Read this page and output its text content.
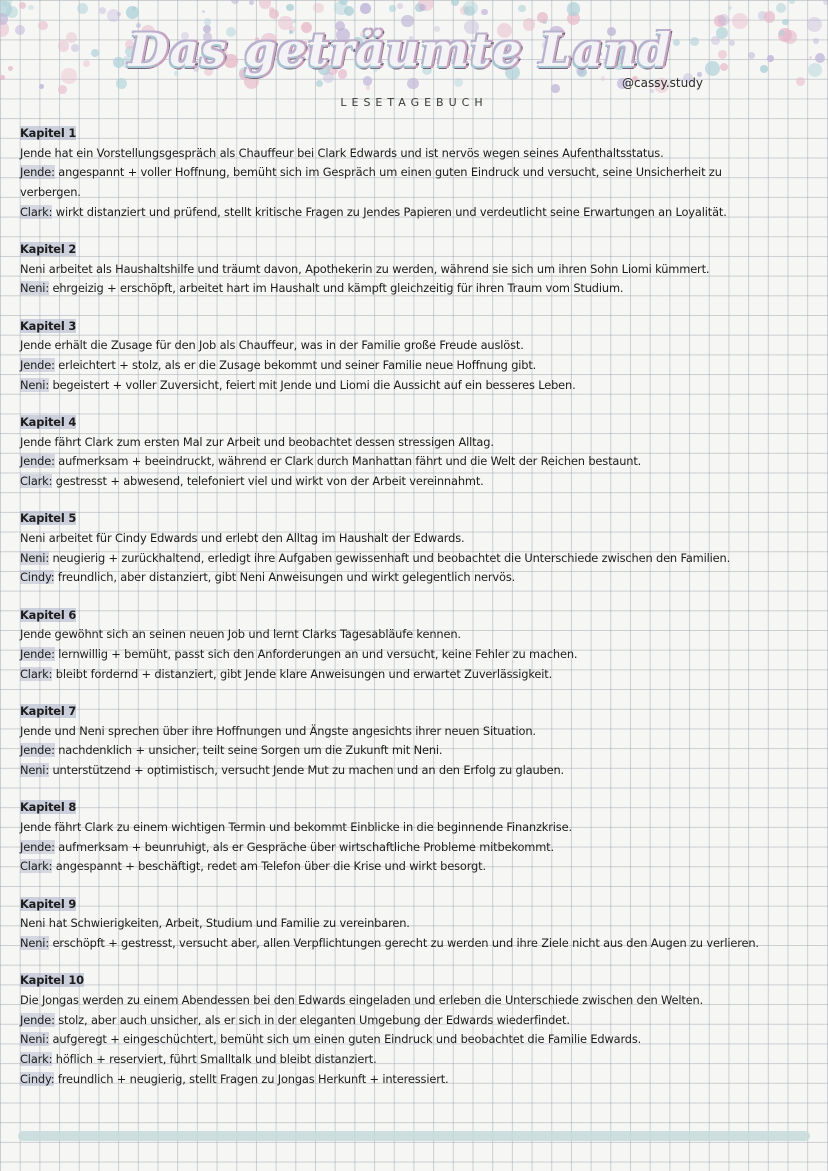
Das geträumte Land
@cassy.study
LESETAGEBUCH
Kapitel 1
Jende hat ein Vorstellungsgespräch als Chauffeur bei Clark Edwards und ist nervös wegen seines Aufenthaltsstatus.
Jende: angespannt + voller Hoffnung, bemüht sich im Gespräch um einen guten Eindruck und versucht, seine Unsicherheit zu verbergen.
Clark: wirkt distanziert und prüfend, stellt kritische Fragen zu Jendes Papieren und verdeutlicht seine Erwartungen an Loyalität.
Kapitel 2
Neni arbeitet als Haushaltshilfe und träumt davon, Apothekerin zu werden, während sie sich um ihren Sohn Liomi kümmert.
Neni: ehrgeizig + erschöpft, arbeitet hart im Haushalt und kämpft gleichzeitig für ihren Traum vom Studium.
Kapitel 3
Jende erhält die Zusage für den Job als Chauffeur, was in der Familie große Freude auslöst.
Jende: erleichtert + stolz, als er die Zusage bekommt und seiner Familie neue Hoffnung gibt.
Neni: begeistert + voller Zuversicht, feiert mit Jende und Liomi die Aussicht auf ein besseres Leben.
Kapitel 4
Jende fährt Clark zum ersten Mal zur Arbeit und beobachtet dessen stressigen Alltag.
Jende: aufmerksam + beeindruckt, während er Clark durch Manhattan fährt und die Welt der Reichen bestaunt.
Clark: gestresst + abwesend, telefoniert viel und wirkt von der Arbeit vereinnahmt.
Kapitel 5
Neni arbeitet für Cindy Edwards und erlebt den Alltag im Haushalt der Edwards.
Neni: neugierig + zurückhaltend, erledigt ihre Aufgaben gewissenhaft und beobachtet die Unterschiede zwischen den Familien.
Cindy: freundlich, aber distanziert, gibt Neni Anweisungen und wirkt gelegentlich nervös.
Kapitel 6
Jende gewöhnt sich an seinen neuen Job und lernt Clarks Tagesabläufe kennen.
Jende: lernwillig + bemüht, passt sich den Anforderungen an und versucht, keine Fehler zu machen.
Clark: bleibt fordernd + distanziert, gibt Jende klare Anweisungen und erwartet Zuverlässigkeit.
Kapitel 7
Jende und Neni sprechen über ihre Hoffnungen und Ängste angesichts ihrer neuen Situation.
Jende: nachdenklich + unsicher, teilt seine Sorgen um die Zukunft mit Neni.
Neni: unterstützend + optimistisch, versucht Jende Mut zu machen und an den Erfolg zu glauben.
Kapitel 8
Jende fährt Clark zu einem wichtigen Termin und bekommt Einblicke in die beginnende Finanzkrise.
Jende: aufmerksam + beunruhigt, als er Gespräche über wirtschaftliche Probleme mitbekommt.
Clark: angespannt + beschäftigt, redet am Telefon über die Krise und wirkt besorgt.
Kapitel 9
Neni hat Schwierigkeiten, Arbeit, Studium und Familie zu vereinbaren.
Neni: erschöpft + gestresst, versucht aber, allen Verpflichtungen gerecht zu werden und ihre Ziele nicht aus den Augen zu verlieren.
Kapitel 10
Die Jongas werden zu einem Abendessen bei den Edwards eingeladen und erleben die Unterschiede zwischen den Welten.
Jende: stolz, aber auch unsicher, als er sich in der eleganten Umgebung der Edwards wiederfindet.
Neni: aufgeregt + eingeschüchtert, bemüht sich um einen guten Eindruck und beobachtet die Familie Edwards.
Clark: höflich + reserviert, führt Smalltalk und bleibt distanziert.
Cindy: freundlich + neugierig, stellt Fragen zu Jongas Herkunft + interessiert.
